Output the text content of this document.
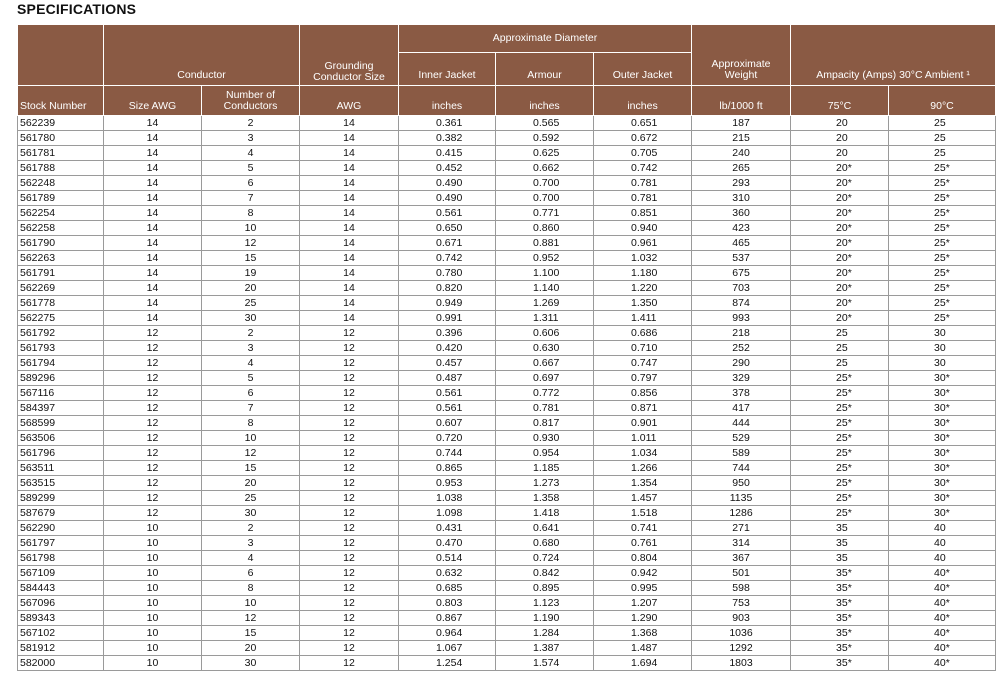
SPECIFICATIONS
	Conductor		Grounding Conductor Size	Approximate Diameter			Approximate Weight	Ampacity (Amps) 30°C Ambient ¹	
				Inner Jacket	Armour	Outer Jacket			
Stock Number	Size AWG	Number of Conductors	AWG	inches	inches	inches	lb/1000 ft	75°C	90°C
562239	14	2	14	0.361	0.565	0.651	187	20	25
561780	14	3	14	0.382	0.592	0.672	215	20	25
561781	14	4	14	0.415	0.625	0.705	240	20	25
561788	14	5	14	0.452	0.662	0.742	265	20*	25*
562248	14	6	14	0.490	0.700	0.781	293	20*	25*
561789	14	7	14	0.490	0.700	0.781	310	20*	25*
562254	14	8	14	0.561	0.771	0.851	360	20*	25*
562258	14	10	14	0.650	0.860	0.940	423	20*	25*
561790	14	12	14	0.671	0.881	0.961	465	20*	25*
562263	14	15	14	0.742	0.952	1.032	537	20*	25*
561791	14	19	14	0.780	1.100	1.180	675	20*	25*
562269	14	20	14	0.820	1.140	1.220	703	20*	25*
561778	14	25	14	0.949	1.269	1.350	874	20*	25*
562275	14	30	14	0.991	1.311	1.411	993	20*	25*
561792	12	2	12	0.396	0.606	0.686	218	25	30
561793	12	3	12	0.420	0.630	0.710	252	25	30
561794	12	4	12	0.457	0.667	0.747	290	25	30
589296	12	5	12	0.487	0.697	0.797	329	25*	30*
567116	12	6	12	0.561	0.772	0.856	378	25*	30*
584397	12	7	12	0.561	0.781	0.871	417	25*	30*
568599	12	8	12	0.607	0.817	0.901	444	25*	30*
563506	12	10	12	0.720	0.930	1.011	529	25*	30*
561796	12	12	12	0.744	0.954	1.034	589	25*	30*
563511	12	15	12	0.865	1.185	1.266	744	25*	30*
563515	12	20	12	0.953	1.273	1.354	950	25*	30*
589299	12	25	12	1.038	1.358	1.457	1135	25*	30*
587679	12	30	12	1.098	1.418	1.518	1286	25*	30*
562290	10	2	12	0.431	0.641	0.741	271	35	40
561797	10	3	12	0.470	0.680	0.761	314	35	40
561798	10	4	12	0.514	0.724	0.804	367	35	40
567109	10	6	12	0.632	0.842	0.942	501	35*	40*
584443	10	8	12	0.685	0.895	0.995	598	35*	40*
567096	10	10	12	0.803	1.123	1.207	753	35*	40*
589343	10	12	12	0.867	1.190	1.290	903	35*	40*
567102	10	15	12	0.964	1.284	1.368	1036	35*	40*
581912	10	20	12	1.067	1.387	1.487	1292	35*	40*
582000	10	30	12	1.254	1.574	1.694	1803	35*	40*
